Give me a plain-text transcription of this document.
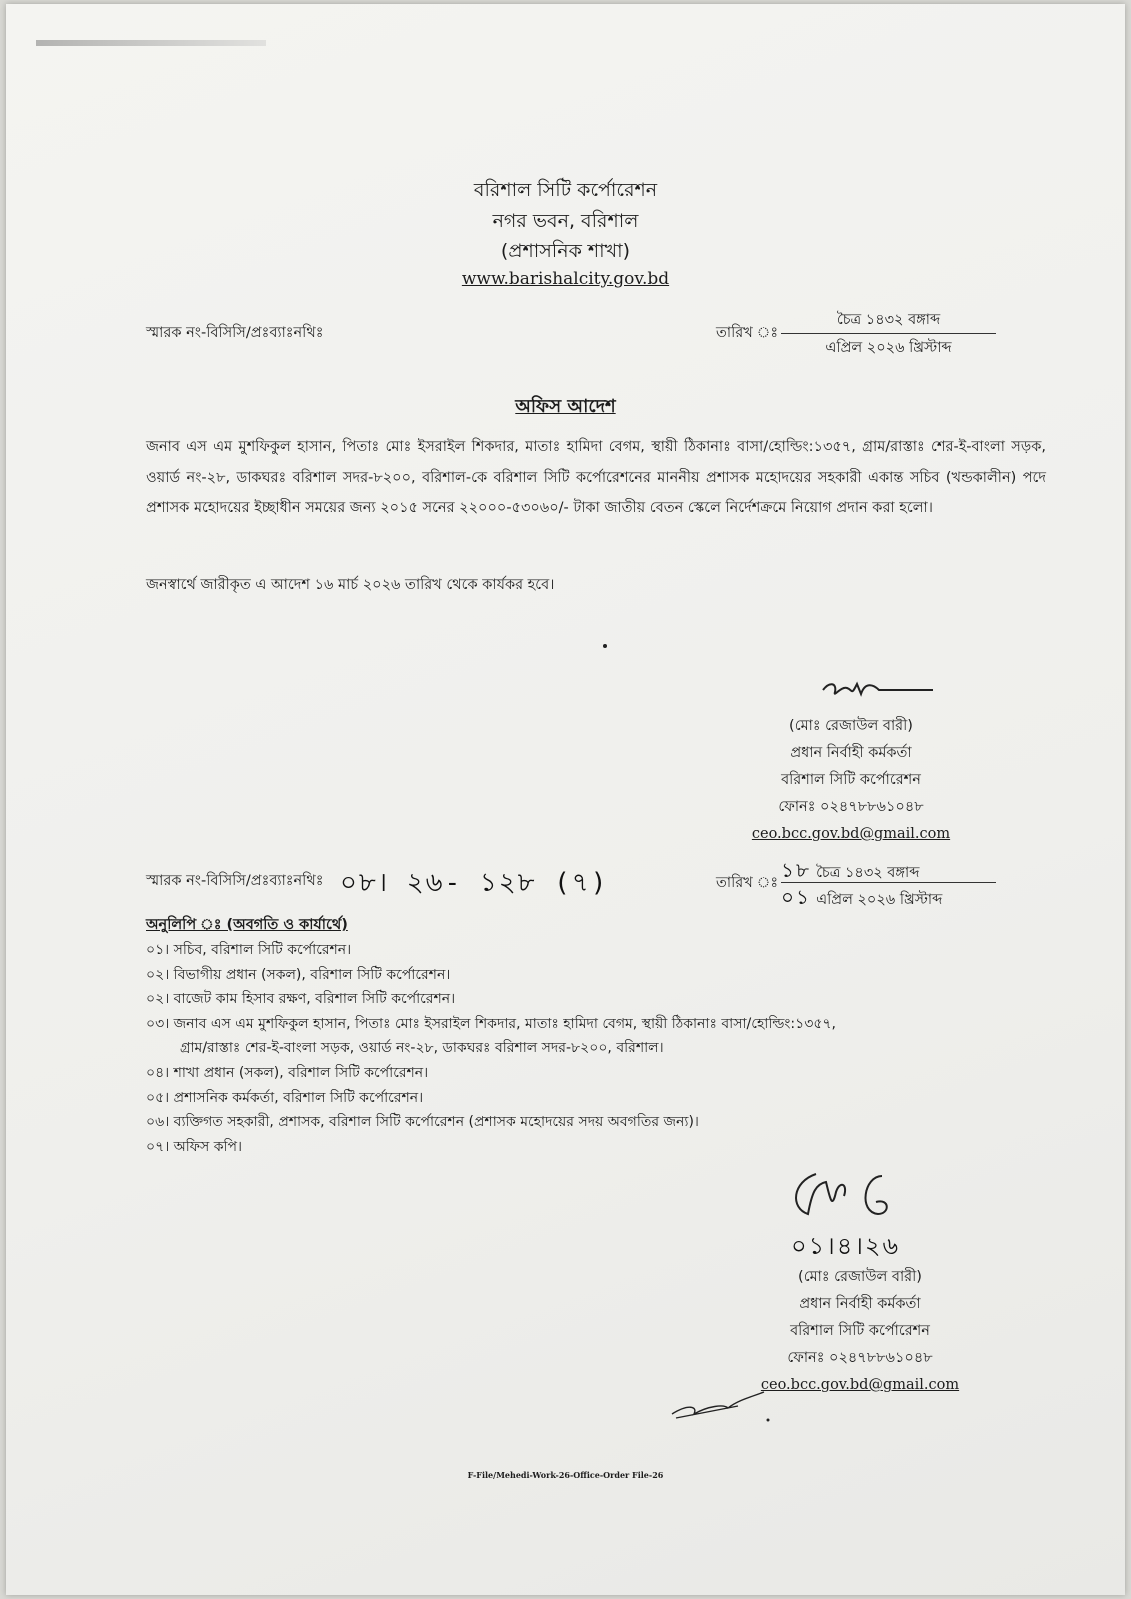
বরিশাল সিটি কর্পোরেশন
নগর ভবন, বরিশাল
(প্রশাসনিক শাখা)
www.barishalcity.gov.bd
স্মারক নং-বিসিসি/প্রঃব্যাঃনথিঃ	তারিখ ঃ
চৈত্র ১৪৩২ বঙ্গাব্দ
এপ্রিল ২০২৬ খ্রিস্টাব্দ
অফিস আদেশ
জনাব এস এম মুশফিকুল হাসান, পিতাঃ মোঃ ইসরাইল শিকদার, মাতাঃ হামিদা বেগম, স্থায়ী ঠিকানাঃ বাসা/হোল্ডিং:১৩৫৭, গ্রাম/রাস্তাঃ শের-ই-বাংলা সড়ক, ওয়ার্ড নং-২৮, ডাকঘরঃ বরিশাল সদর-৮২০০, বরিশাল-কে বরিশাল সিটি কর্পোরেশনের মাননীয় প্রশাসক মহোদয়ের সহকারী একান্ত সচিব (খন্ডকালীন) পদে প্রশাসক মহোদয়ের ইচ্ছাধীন সময়ের জন্য ২০১৫ সনের ২২০০০-৫৩০৬০/- টাকা জাতীয় বেতন স্কেলে নির্দেশক্রমে নিয়োগ প্রদান করা হলো।
জনস্বার্থে জারীকৃত এ আদেশ ১৬ মার্চ ২০২৬ তারিখ থেকে কার্যকর হবে।
(মোঃ রেজাউল বারী)
প্রধান নির্বাহী কর্মকর্তা
বরিশাল সিটি কর্পোরেশন
ফোনঃ ০২৪৭৮৮৬১০৪৮
ceo.bcc.gov.bd@gmail.com
স্মারক নং-বিসিসি/প্রঃব্যাঃনথিঃ ০৮। ২৬- ১২৮ (৭)	তারিখ ঃ
১৮ চৈত্র ১৪৩২ বঙ্গাব্দ
০১ এপ্রিল ২০২৬ খ্রিস্টাব্দ
অনুলিপি ঃ (অবগতি ও কার্যার্থে)
০১। সচিব, বরিশাল সিটি কর্পোরেশন।
০২। বিভাগীয় প্রধান (সকল), বরিশাল সিটি কর্পোরেশন।
০২। বাজেট কাম হিসাব রক্ষণ, বরিশাল সিটি কর্পোরেশন।
০৩। জনাব এস এম মুশফিকুল হাসান, পিতাঃ মোঃ ইসরাইল শিকদার, মাতাঃ হামিদা বেগম, স্থায়ী ঠিকানাঃ বাসা/হোল্ডিং:১৩৫৭,
গ্রাম/রাস্তাঃ শের-ই-বাংলা সড়ক, ওয়ার্ড নং-২৮, ডাকঘরঃ বরিশাল সদর-৮২০০, বরিশাল।
০৪। শাখা প্রধান (সকল), বরিশাল সিটি কর্পোরেশন।
০৫। প্রশাসনিক কর্মকর্তা, বরিশাল সিটি কর্পোরেশন।
০৬। ব্যক্তিগত সহকারী, প্রশাসক, বরিশাল সিটি কর্পোরেশন (প্রশাসক মহোদয়ের সদয় অবগতির জন্য)।
০৭। অফিস কপি।
০১।৪।২৬
(মোঃ রেজাউল বারী)
প্রধান নির্বাহী কর্মকর্তা
বরিশাল সিটি কর্পোরেশন
ফোনঃ ০২৪৭৮৮৬১০৪৮
ceo.bcc.gov.bd@gmail.com
F-File/Mehedi-Work-26-Office-Order File-26
